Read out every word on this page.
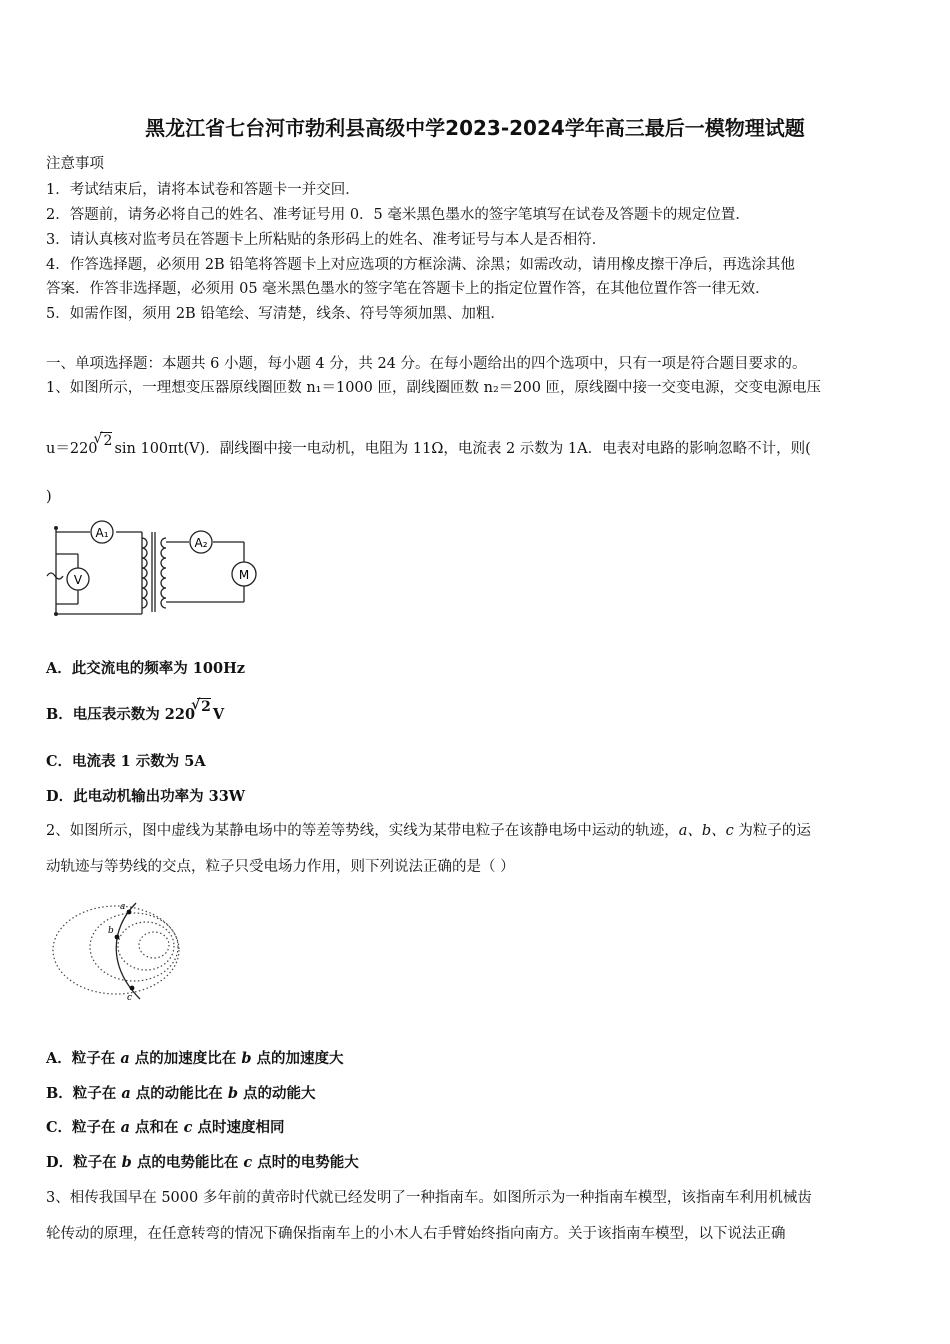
黑龙江省七台河市勃利县高级中学2023-2024学年高三最后一模物理试题
注意事项
1．考试结束后，请将本试卷和答题卡一并交回．
2．答题前，请务必将自己的姓名、准考证号用 0．5 毫米黑色墨水的签字笔填写在试卷及答题卡的规定位置．
3．请认真核对监考员在答题卡上所粘贴的条形码上的姓名、准考证号与本人是否相符．
4．作答选择题，必须用 2B 铅笔将答题卡上对应选项的方框涂满、涂黑；如需改动，请用橡皮擦干净后，再选涂其他
答案．作答非选择题，必须用 05 毫米黑色墨水的签字笔在答题卡上的指定位置作答，在其他位置作答一律无效．
5．如需作图，须用 2B 铅笔绘、写清楚，线条、符号等须加黑、加粗．
一、单项选择题：本题共 6 小题，每小题 4 分，共 24 分。在每小题给出的四个选项中，只有一项是符合题目要求的。
1、如图所示，一理想变压器原线圈匝数 n₁＝1000 匝，副线圈匝数 n₂＝200 匝，原线圈中接一交变电源，交变电源电压
u＝220
√ 2 sin 100πt(V)．副线圈中接一电动机，电阻为 11Ω，电流表 2 示数为 1A．电表对电路的影响忽略不计，则(
)
A₁
V
A₂
M
A．此交流电的频率为 100Hz
B．电压表示数为 220
√ 2 V
C．电流表 1 示数为 5A
D．此电动机输出功率为 33W
2、如图所示，图中虚线为某静电场中的等差等势线，实线为某带电粒子在该静电场中运动的轨迹，a、b、c 为粒子的运
动轨迹与等势线的交点，粒子只受电场力作用，则下列说法正确的是（ ）
a
b
c
A．粒子在 a 点的加速度比在 b 点的加速度大
B．粒子在 a 点的动能比在 b 点的动能大
C．粒子在 a 点和在 c 点时速度相同
D．粒子在 b 点的电势能比在 c 点时的电势能大
3、相传我国早在 5000 多年前的黄帝时代就已经发明了一种指南车。如图所示为一种指南车模型，该指南车利用机械齿
轮传动的原理，在任意转弯的情况下确保指南车上的小木人右手臂始终指向南方。关于该指南车模型，以下说法正确
